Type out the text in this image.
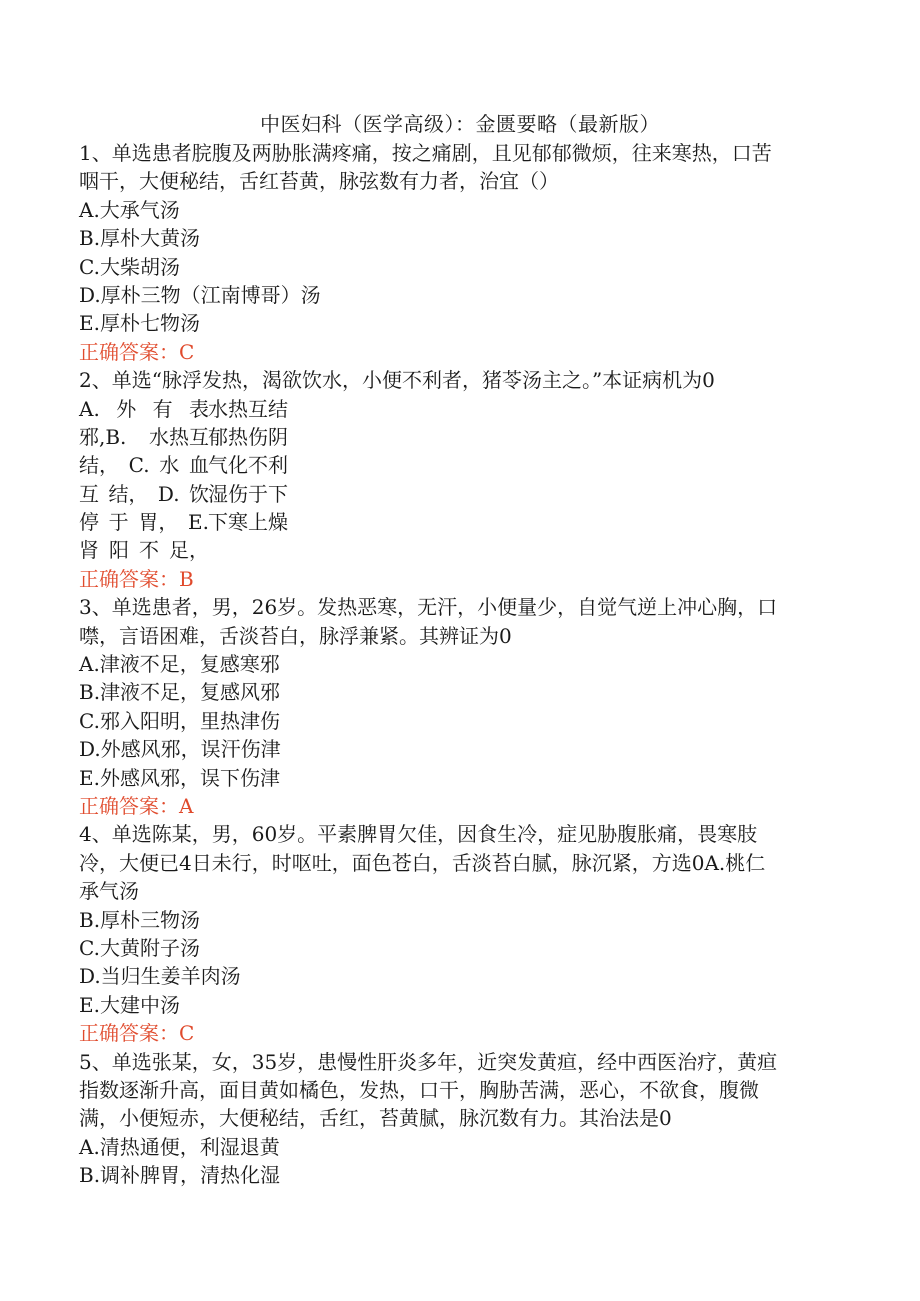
中医妇科（医学高级）：金匮要略（最新版）
1、单选患者脘腹及两胁胀满疼痛，按之痛剧，且见郁郁微烦，往来寒热，口苦
咽干，大便秘结，舌红苔黄，脉弦数有力者，治宜（）
A.大承气汤
B.厚朴大黄汤
C.大柴胡汤
D.厚朴三物（江南博哥）汤
E.厚朴七物汤
正确答案：C
2、单选“脉浮发热，渴欲饮水，小便不利者，猪苓汤主之。”本证病机为0
A. 外 有 表
邪,B. 水热互
结， C. 水 血
互 结， D. 饮
停 于 胃， E.
肾 阳 不 足，
水热互结
郁热伤阴
气化不利
湿伤于下
下寒上燥
正确答案：B
3、单选患者，男，26岁。发热恶寒，无汗，小便量少，自觉气逆上冲心胸，口
噤，言语困难，舌淡苔白，脉浮兼紧。其辨证为0
A.津液不足，复感寒邪
B.津液不足，复感风邪
C.邪入阳明，里热津伤
D.外感风邪，误汗伤津
E.外感风邪，误下伤津
正确答案：A
4、单选陈某，男，60岁。平素脾胃欠佳，因食生冷，症见胁腹胀痛，畏寒肢
冷，大便已4日未行，时呕吐，面色苍白，舌淡苔白腻，脉沉紧，方选0A.桃仁
承气汤
B.厚朴三物汤
C.大黄附子汤
D.当归生姜羊肉汤
E.大建中汤
正确答案：C
5、单选张某，女，35岁，患慢性肝炎多年，近突发黄疸，经中西医治疗，黄疸
指数逐渐升高，面目黄如橘色，发热，口干，胸胁苦满，恶心，不欲食，腹微
满，小便短赤，大便秘结，舌红，苔黄腻，脉沉数有力。其治法是0
A.清热通便，利湿退黄
B.调补脾胃，清热化湿
